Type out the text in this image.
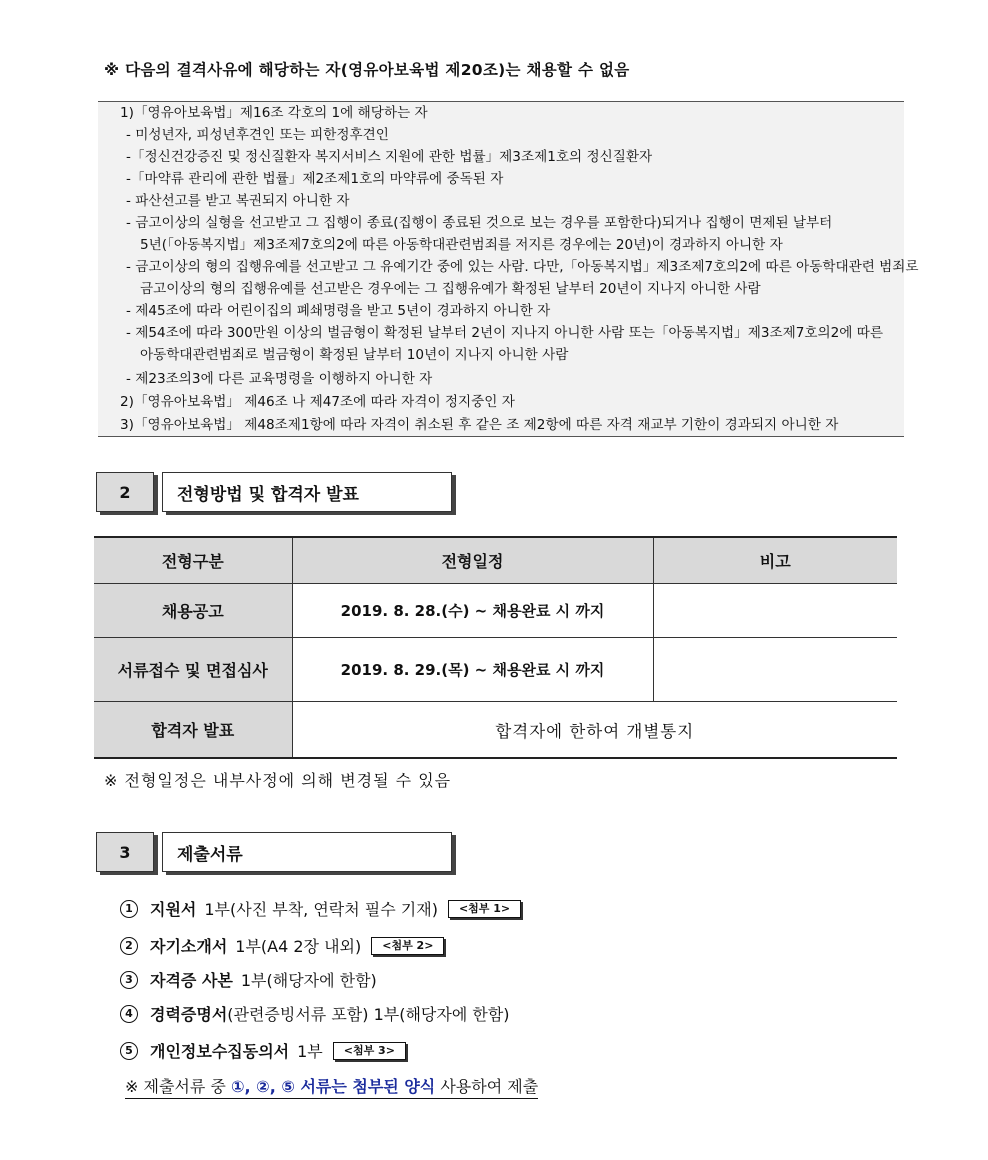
※ 다음의 결격사유에 해당하는 자(영유아보육법 제20조)는 채용할 수 없음
1)「영유아보육법」제16조 각호의 1에 해당하는 자
- 미성년자, 피성년후견인 또는 피한정후견인
-「정신건강증진 및 정신질환자 복지서비스 지원에 관한 법률」제3조제1호의 정신질환자
-「마약류 관리에 관한 법률」제2조제1호의 마약류에 중독된 자
- 파산선고를 받고 복권되지 아니한 자
- 금고이상의 실형을 선고받고 그 집행이 종료(집행이 종료된 것으로 보는 경우를 포함한다)되거나 집행이 면제된 날부터
5년(「아동복지법」제3조제7호의2에 따른 아동학대관련범죄를 저지른 경우에는 20년)이 경과하지 아니한 자
- 금고이상의 형의 집행유예를 선고받고 그 유예기간 중에 있는 사람. 다만,「아동복지법」제3조제7호의2에 따른 아동학대관련 범죄로
금고이상의 형의 집행유예를 선고받은 경우에는 그 집행유예가 확정된 날부터 20년이 지나지 아니한 사람
- 제45조에 따라 어린이집의 폐쇄명령을 받고 5년이 경과하지 아니한 자
- 제54조에 따라 300만원 이상의 벌금형이 확정된 날부터 2년이 지나지 아니한 사람 또는「아동복지법」제3조제7호의2에 따른
아동학대관련범죄로 벌금형이 확정된 날부터 10년이 지나지 아니한 사람
- 제23조의3에 다른 교육명령을 이행하지 아니한 자
2)「영유아보육법」 제46조 나 제47조에 따라 자격이 정지중인 자
3)「영유아보육법」 제48조제1항에 따라 자격이 취소된 후 같은 조 제2항에 따른 자격 재교부 기한이 경과되지 아니한 자
2	전형방법 및 합격자 발표
전형구분	전형일정	비고
채용공고	2019. 8. 28.(수) ~ 채용완료 시 까지	
서류접수 및 면접심사	2019. 8. 29.(목) ~ 채용완료 시 까지	
합격자 발표	합격자에 한하여 개별통지	
※ 전형일정은 내부사정에 의해 변경될 수 있음
3	제출서류
1	지원서 1부(사진 부착, 연락처 필수 기재)	<첨부 1>
2	자기소개서 1부(A4 2장 내외)	<첨부 2>
3	자격증 사본 1부(해당자에 한함)
4	경력증명서 (관련증빙서류 포함) 1부(해당자에 한함)
5	개인정보수집동의서 1부	<첨부 3>
※ 제출서류 중 ①, ②, ⑤ 서류는 첨부된 양식 사용하여 제출
